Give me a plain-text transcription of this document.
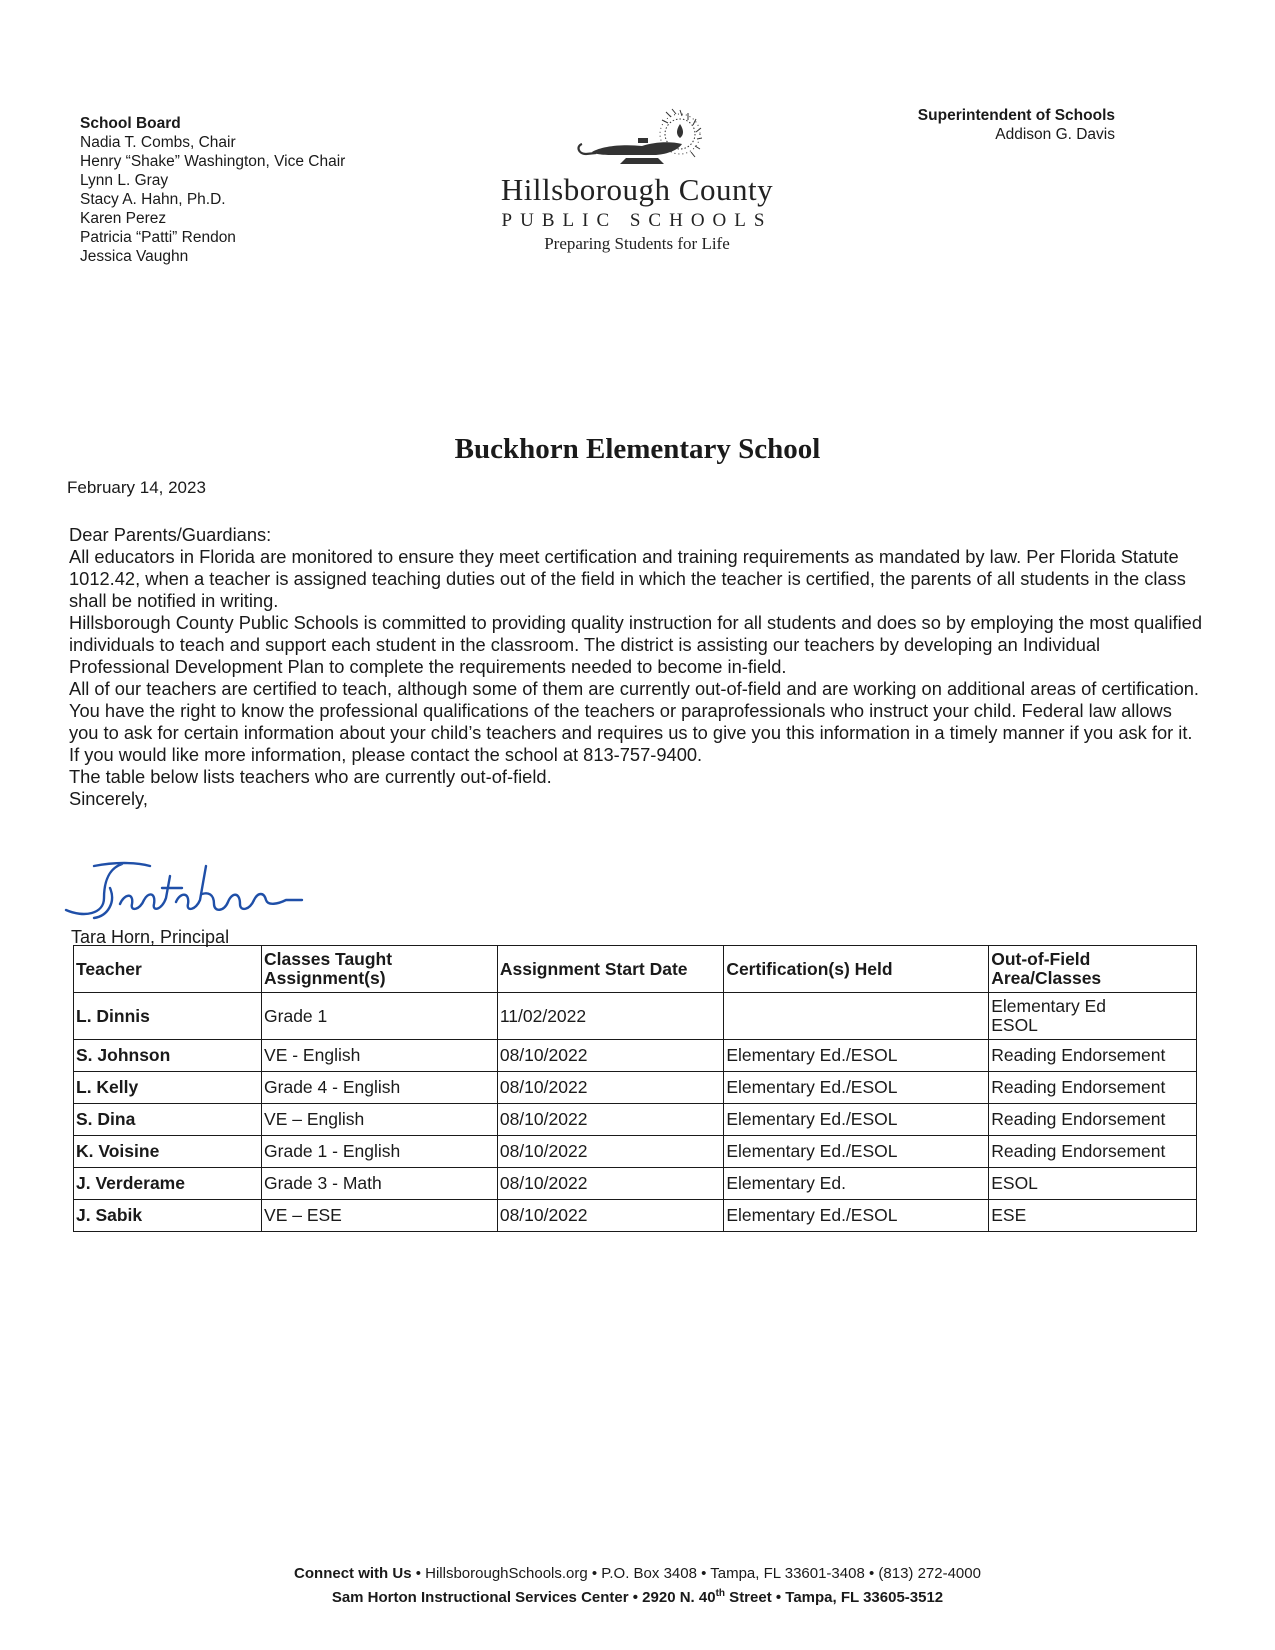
School Board
Nadia T. Combs, Chair
Henry “Shake” Washington, Vice Chair
Lynn L. Gray
Stacy A. Hahn, Ph.D.
Karen Perez
Patricia “Patti” Rendon
Jessica Vaughn
Hillsborough County
PUBLIC SCHOOLS
Preparing Students for Life
Superintendent of Schools
Addison G. Davis
Buckhorn Elementary School
February 14, 2023

Dear Parents/Guardians:

All educators in Florida are monitored to ensure they meet certification and training requirements as mandated by law. Per Florida Statute 1012.42, when a teacher is assigned teaching duties out of the field in which the teacher is certified, the parents of all students in the class shall be notified in writing.

Hillsborough County Public Schools is committed to providing quality instruction for all students and does so by employing the most qualified individuals to teach and support each student in the classroom. The district is assisting our teachers by developing an Individual Professional Development Plan to complete the requirements needed to become in-field.

All of our teachers are certified to teach, although some of them are currently out-of-field and are working on additional areas of certification. You have the right to know the professional qualifications of the teachers or paraprofessionals who instruct your child. Federal law allows you to ask for certain information about your child’s teachers and requires us to give you this information in a timely manner if you ask for it. If you would like more information, please contact the school at 813-757-9400.

The table below lists teachers who are currently out-of-field.

Sincerely,

Tara Horn, Principal
Teacher	Classes Taught Assignment(s)	Assignment Start Date	Certification(s) Held	Out-of-Field Area/Classes
L. Dinnis	Grade 1	11/02/2022		Elementary Ed
ESOL

S. Johnson	VE - English	08/10/2022	Elementary Ed./ESOL	Reading Endorsement
L. Kelly	Grade 4 - English	08/10/2022	Elementary Ed./ESOL	Reading Endorsement
S. Dina	VE – English	08/10/2022	Elementary Ed./ESOL	Reading Endorsement
K. Voisine	Grade 1 - English	08/10/2022	Elementary Ed./ESOL	Reading Endorsement
J. Verderame	Grade 3 - Math	08/10/2022	Elementary Ed.	ESOL
J. Sabik	VE – ESE	08/10/2022	Elementary Ed./ESOL	ESE
Connect with Us • HillsboroughSchools.org • P.O. Box 3408 • Tampa, FL 33601-3408 • (813) 272-4000
Sam Horton Instructional Services Center • 2920 N. 40th Street • Tampa, FL 33605-3512
